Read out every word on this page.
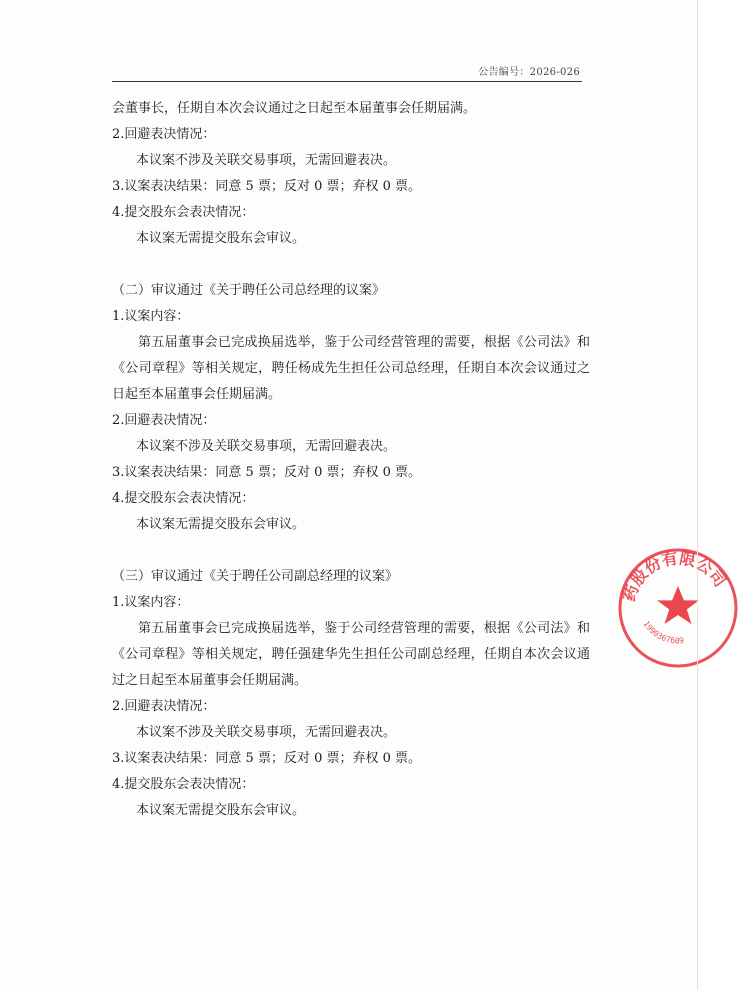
公告编号：2026-026

会董事长，任期自本次会议通过之日起至本届董事会任期届满。

2.回避表决情况：

本议案不涉及关联交易事项，无需回避表决。

3.议案表决结果：同意 5 票；反对 0 票；弃权 0 票。

4.提交股东会表决情况：

本议案无需提交股东会审议。

（二）审议通过《关于聘任公司总经理的议案》

1.议案内容：

第五届董事会已完成换届选举，鉴于公司经营管理的需要，根据《公司法》和《公司章程》等相关规定，聘任杨成先生担任公司总经理，任期自本次会议通过之日起至本届董事会任期届满。

2.回避表决情况：

本议案不涉及关联交易事项，无需回避表决。

3.议案表决结果：同意 5 票；反对 0 票；弃权 0 票。

4.提交股东会表决情况：

本议案无需提交股东会审议。

（三）审议通过《关于聘任公司副总经理的议案》

1.议案内容：

第五届董事会已完成换届选举，鉴于公司经营管理的需要，根据《公司法》和《公司章程》等相关规定，聘任强建华先生担任公司副总经理，任期自本次会议通过之日起至本届董事会任期届满。

2.回避表决情况：

本议案不涉及关联交易事项，无需回避表决。

3.议案表决结果：同意 5 票；反对 0 票；弃权 0 票。

4.提交股东会表决情况：

本议案无需提交股东会审议。

药股份有限公司
1990367609
